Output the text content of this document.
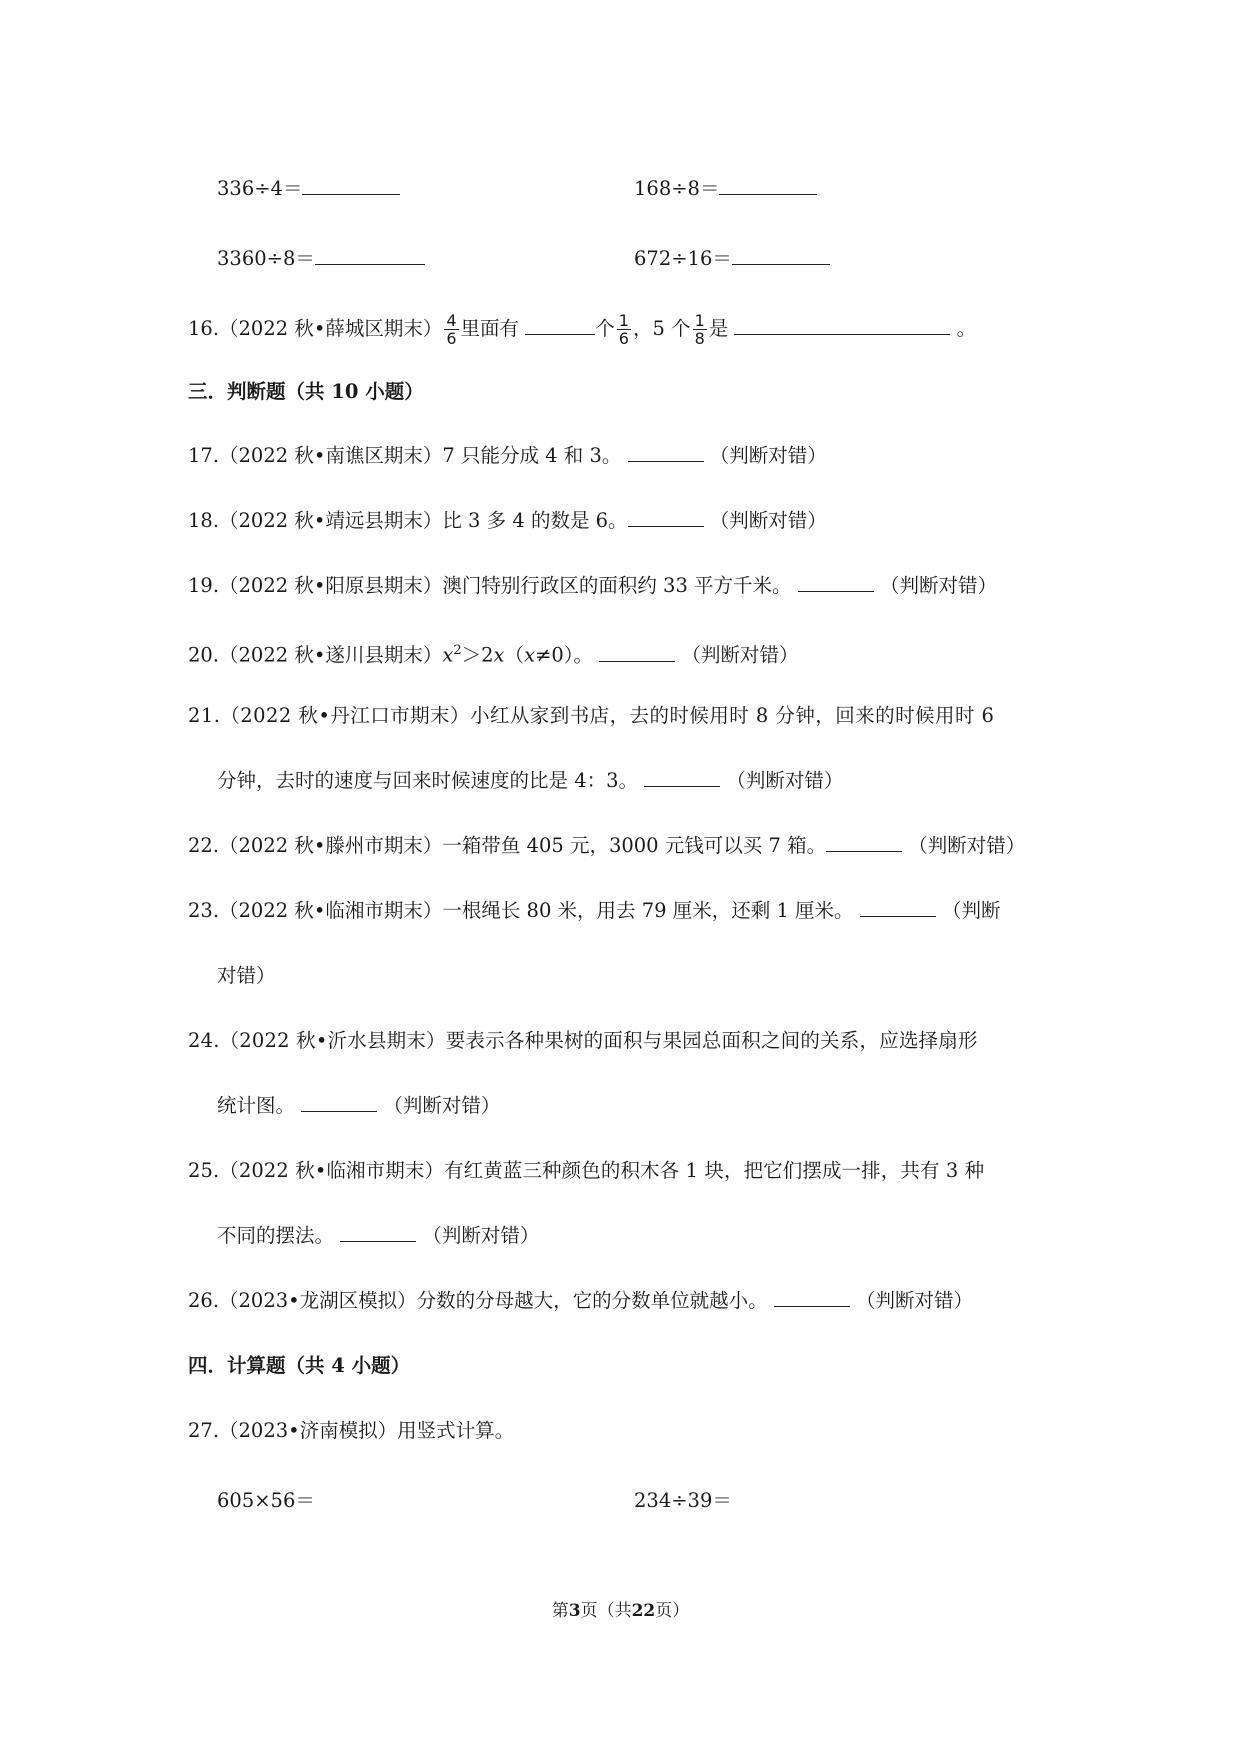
336÷4＝	168÷8＝
3360÷8＝	672÷16＝
16.（2022 秋•薛城区期末） $\frac{4}{6}$ 里面有	个 $\frac{1}{6}$ ，5 个 $\frac{1}{8}$ 是	。
三．判断题（共 10 小题）
17.（2022 秋•南谯区期末）7 只能分成 4 和 3。	（判断对错）
18.（2022 秋•靖远县期末）比 3 多 4 的数是 6。	（判断对错）
19.（2022 秋•阳原县期末）澳门特别行政区的面积约 33 平方千米。	（判断对错）
20.（2022 秋•遂川县期末）$x^2>2x(x\ne 0)$。	（判断对错）
21.（2022 秋•丹江口市期末）小红从家到书店，去的时候用时 8 分钟，回来的时候用时 6
分钟，去时的速度与回来时候速度的比是 4：3。	（判断对错）
22.（2022 秋•滕州市期末）一箱带鱼 405 元，3000 元钱可以买 7 箱。	（判断对错）
23.（2022 秋•临湘市期末）一根绳长 80 米，用去 79 厘米，还剩 1 厘米。	（判断
对错）
24.（2022 秋•沂水县期末）要表示各种果树的面积与果园总面积之间的关系，应选择扇形
统计图。	（判断对错）
25.（2022 秋•临湘市期末）有红黄蓝三种颜色的积木各 1 块，把它们摆成一排，共有 3 种
不同的摆法。	（判断对错）
26.（2023•龙湖区模拟）分数的分母越大，它的分数单位就越小。	（判断对错）
四．计算题（共 4 小题）
27.（2023•济南模拟）用竖式计算。
605×56＝	234÷39＝
第3页（共22页）
